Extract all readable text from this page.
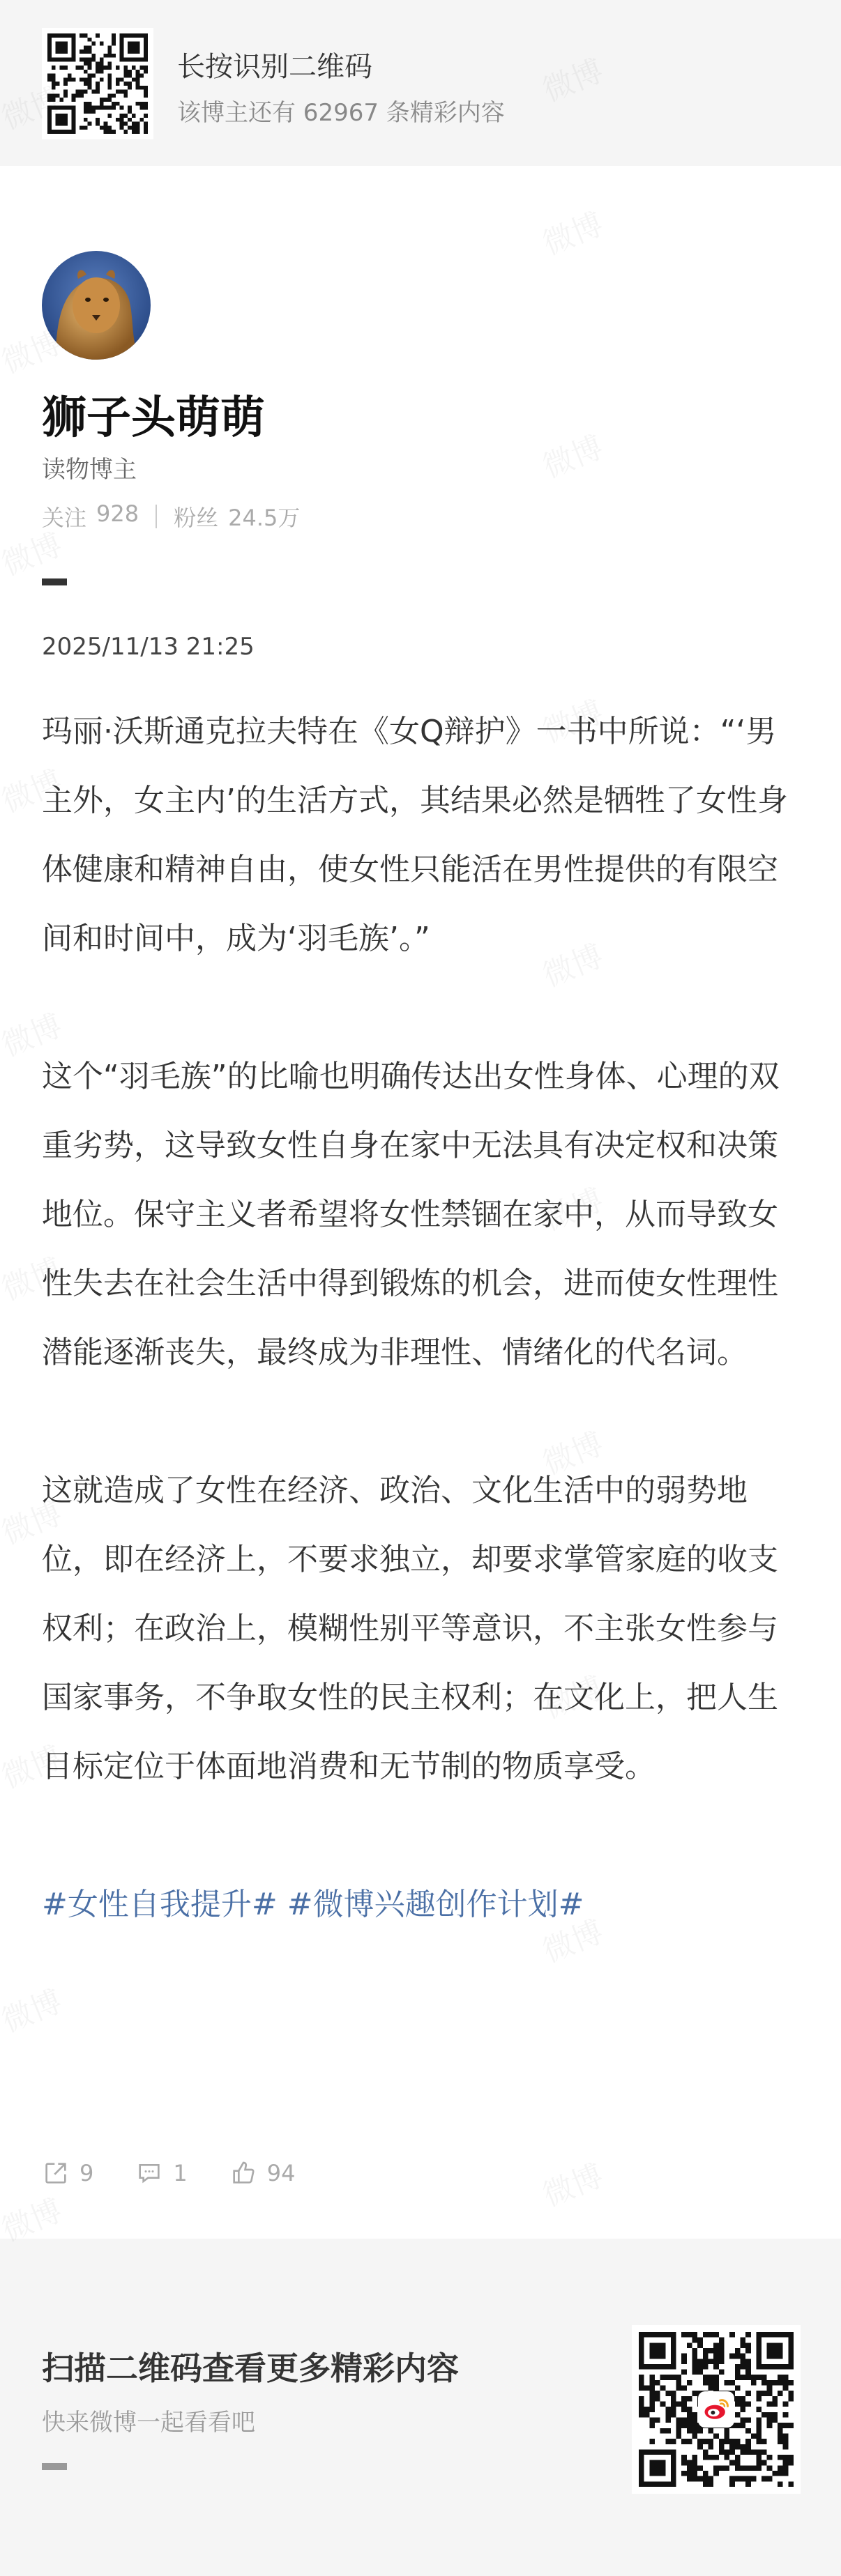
长按识别二维码
该博主还有 62967 条精彩内容
狮子头萌萌
读物博主
关注 928 粉丝 24.5万
2025/11/13 21:25

玛丽·沃斯通克拉夫特在《女Q辩护》一书中所说：“‘男主外，女主内’的生活方式，其结果必然是牺牲了女性身体健康和精神自由，使女性只能活在男性提供的有限空间和时间中，成为‘羽毛族’。”

这个“羽毛族”的比喻也明确传达出女性身体、心理的双重劣势，这导致女性自身在家中无法具有决定权和决策地位。保守主义者希望将女性禁锢在家中，从而导致女性失去在社会生活中得到锻炼的机会，进而使女性理性潜能逐渐丧失，最终成为非理性、情绪化的代名词。

这就造成了女性在经济、政治、文化生活中的弱势地位，即在经济上，不要求独立，却要求掌管家庭的收支权利；在政治上，模糊性别平等意识，不主张女性参与国家事务，不争取女性的民主权利；在文化上，把人生目标定位于体面地消费和无节制的物质享受。

#女性自我提升# #微博兴趣创作计划#

9	1	94
扫描二维码查看更多精彩内容
快来微博一起看看吧
